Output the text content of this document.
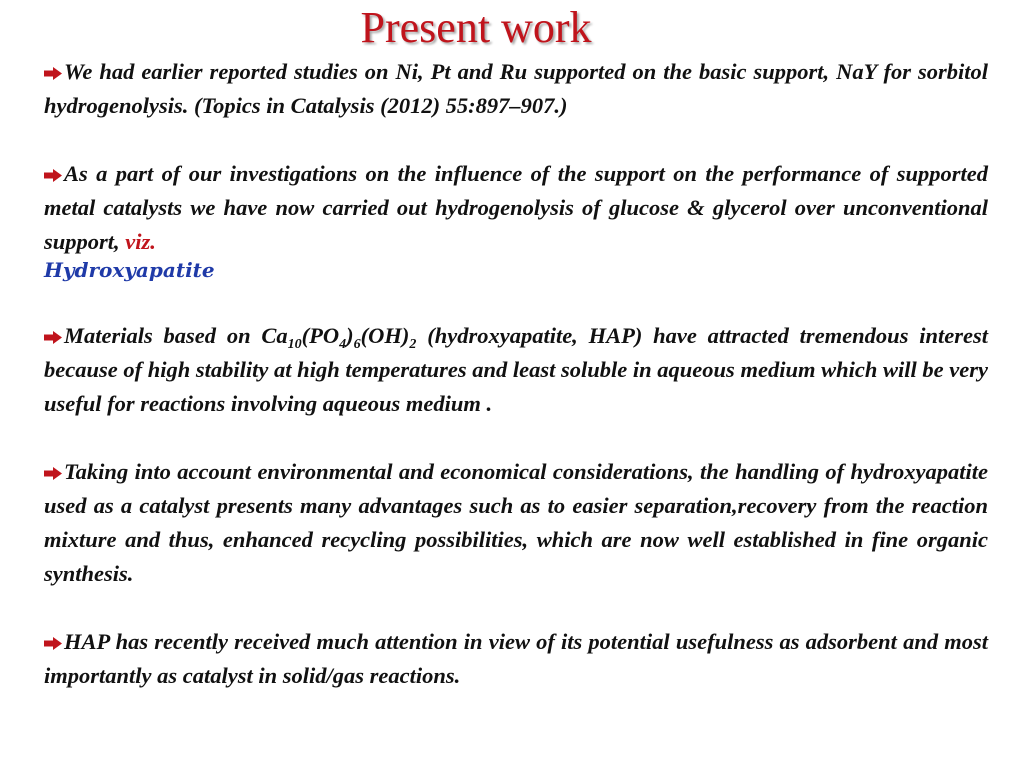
Present work

We had earlier reported studies on Ni, Pt and Ru supported on the basic support, NaY for sorbitol hydrogenolysis. (Topics in Catalysis (2012) 55:897–907.)

As a part of our investigations on the influence of the support on the performance of supported metal catalysts we have now carried out hydrogenolysis of glucose & glycerol over unconventional support, viz.

Hydroxyapatite

Materials based on $Ca_{10}(PO_4)_6(OH)_2$ (hydroxyapatite, HAP) have attracted tremendous interest because of high stability at high temperatures and least soluble in aqueous medium which will be very useful for reactions involving aqueous medium .

Taking into account environmental and economical considerations, the handling of hydroxyapatite used as a catalyst presents many advantages such as to easier separation,recovery from the reaction mixture and thus, enhanced recycling possibilities, which are now well established in fine organic synthesis.

HAP has recently received much attention in view of its potential usefulness as adsorbent and most importantly as catalyst in solid/gas reactions.
